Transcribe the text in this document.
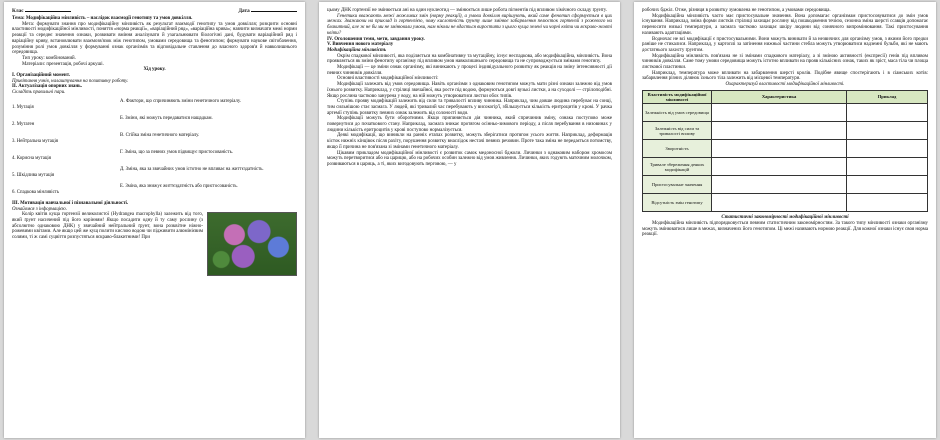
Клас	Дата

Тема: Модифікаційна мінливість – наслідок взаємодії генотипу та умов довкілля.

Мета: формувати знання про модифікаційну мінливість як результат взаємодії генотипу та умов довкілля; розкрити основні властивості модифікаційної мінливості, поняття «норма реакції», «варіаційний ряд», «варіаційна крива»; навчити визначати межі норми реакції та середнє значення ознаки, розвивати вміння аналізувати й узагальнювати біологічні дані, будувати варіаційний ряд і варіаційну криву, встановлювати взаємозв'язок між генотипом, умовами середовища та фенотипом; формувати наукове світобачення, розуміння ролі умов довкілля у формуванні ознак організмів та відповідальне ставлення до власного здоров'я й навколишнього середовища.

Тип уроку: комбінований.

Матеріали: презентація, робочі аркуші.

Хід уроку.

І. Організаційний момент.

Привітання учнів, налаштування на позитивну роботу.

ІІ. Актуалізація опорних знань.

Складіть правильні пари.

1. Мутація
2. Мутаген
3. Нейтральна мутація
4. Корисна мутація
5. Шкідлива мутація
6. Спадкова мінливість
А. Фактори, що спричиняють зміни генетичного матеріалу.
Б. Зміни, які можуть передаватися нащадкам.
В. Стійка зміна генетичного матеріалу.
Г. Зміна, що за певних умов підвищує пристосованість.
Д. Зміна, яка за звичайних умов істотно не впливає на життєздатність.
Е. Зміна, яка знижує життєздатність або пристосованість.

ІІІ. Мотивація навчальної і пізнавальної діяльності.

Ознайомся з інформацією.

Колір квітів куща гортензії великолистої (Hydrangea macrophylla) залежить від того, який ґрунт насичений під його корінням! Якщо посадити одну й ту саму рослину (з абсолютно однаковою ДНК) у звичайний нейтральний ґрунт, вона розквітне ніжно-рожевими квітами. Але якщо цей же кущ полити кислою водою чи підживити алюмінієвим солями, ті ж самі суцвіття розпустяться яскраво-блакитними! При

цьому ДНК гортензії не змінюється ані на один нуклеотид — змінюється лише робота пігментів під впливом хімічного складу ґрунту.

Генетики вважають межі можливих змін (норму реакції), а умови довкілля вирішують, який саме фенотип сформується в цих межах. Зважаючи на приклад із гортензією, чому кислотність ґрунту лише змінює забарвлення пелюсток гортензії з рожевого на блакитний, але ж не би ми не змінювали умови, нам ніколи не вдасться виростити з цього куща зелені чи чорні квіти чи яскраво-жовті квіти?

IV. Оголошення теми, мети, завдання уроку.

V. Вивчення нового матеріалу

Модифікаційна мінливість

Окрім спадкової мінливості, яка поділяється на комбінативну та мутаційну, існує неспадкова, або модифікаційна, мінливість. Вона проявляється як зміни фенотипу організму під впливом умов навколишнього середовища та не супроводжується змінами генотипу.

Модифікації — це зміни ознак організму, які виникають у процесі індивідуального розвитку як реакція на зміну інтенсивності дії певних чинників довкілля.

Основні властивості модифікаційної мінливості:

Модифікації залежать від умов середовища. Навіть організми з однаковим генотипом можуть мати різні ознаки залежно від умов їхнього розвитку. Наприклад, у стрілиці звичайної, яка росте під водою, формуються довгі вузькі листки, а на суходолі — стрілоподібні. Якщо рослина частково занурена у воду, на ній можуть утворюватися листки обох типів.

Ступінь прояву модифікацій залежить від сили та тривалості впливу чинника. Наприклад, чим довше людина перебуває на сонці, тим сильнішою стає засмага. У людей, які тривалий час перебувають у високогір'ї, збільшується кількість еритроцитів у крові. У рачка артемії ступінь розвитку певних ознак залежить від солоності води.

Модифікації можуть бути оборотними. Якщо припиняється дія чинника, який спричинив зміну, ознака поступово може повернутися до початкового стану. Наприклад, засмага зникає протягом осінньо-зимового періоду, а після перебування в низовинах у людини кількість еритроцитів у крові поступово нормалізується.

Деякі модифікації, що виникли на ранніх етапах розвитку, можуть зберігатися протягом усього життя. Наприклад, деформація кісток нижніх кінцівок після рахіту, порушення розвитку внаслідок нестачі певних речовин. Проте така зміна не передається потомству, якщо її причина не пов'язана зі змінами генетичного матеріалу.

Цікавим прикладом модифікаційної мінливості є розвиток самок медоносної бджоли. Личинки з однаковим набором хромосом можуть перетворитися або на царицю, або на робочих особин залежно від умов живлення. Личинки, яких годують маточним молочком, розвиваються в цариць, а ті, яких вигодовують перговою, — у

робочих бджіл. Отже, різниця в розвитку зумовлена не генотипом, а умовами середовища.

Модифікаційна мінливість часто має пристосувальне значення. Вона допомагає організмам пристосовуватися до змін умов існування. Наприклад, зміна форми листків стрілиці захищає рослину від пошкодження течією, сезонна зміна шерсті ссавців допомагає переносити низькі температури, а засмага частково захищає шкіру людини від сонячного випромінювання. Такі пристосування називають адаптаціями.

Водночас не всі модифікації є пристосувальними. Вони можуть виникати й за незвичних для організму умов, з якими його предки раніше не стикалися. Наприклад, у картоплі за затінення нижньої частини стебла можуть утворюватися надземні бульби, які не мають достатнього захисту ґрунтом.

Модифікаційна мінливість пов'язана не зі змінами спадкового матеріалу, а зі зміною активності (експресії) генів під впливом чинників довкілля. Саме тому умови середовища можуть істотно впливати на прояв кількісних ознак, таких як зріст, маса тіла чи площа листкової пластинки.

Наприклад, температура може впливати на забарвлення шерсті кролів. Подібне явище спостерігають і в сіамських котів: забарвлення різних ділянок їхнього тіла залежить від місцевої температури.

Охарактеризуй властивості модифікаційної мінливості.

Властивість модифікаційної мінливості	Характеристика	Приклад
Залежність від умов середовища		
Залежність від сили та тривалості впливу		
Зворотність		
Тривале збереження деяких модифікацій		
Пристосувальне значення		
Відсутність змін генотипу		

Статистичні закономірності модифікаційної мінливості

Модифікаційна мінливість підпорядковується певним статистичним закономірностям. За такого типу мінливості ознаки організму можуть змінюватися лише в межах, визначених його генотипом. Ці межі називають нормою реакції. Для кожної ознаки існує своя норма реакції.
